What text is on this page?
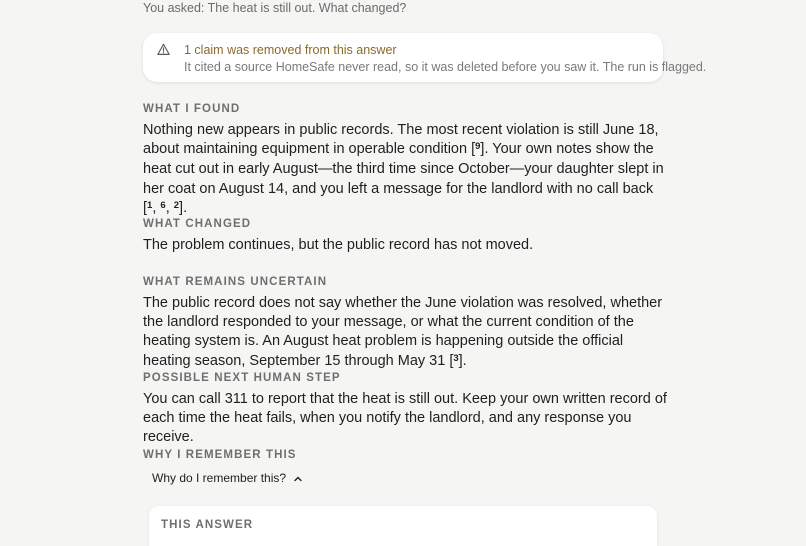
You asked: The heat is still out. What changed?
1 claim was removed from this answer
It cited a source HomeSafe never read, so it was deleted before you saw it. The run is flagged.
WHAT I FOUND
Nothing new appears in public records. The most recent violation is still June 18, about maintaining equipment in operable condition [$^9$]. Your own notes show the heat cut out in early August—the third time since October—your daughter slept in her coat on August 14, and you left a message for the landlord with no call back [$^1$, $^6$, $^2$].
WHAT CHANGED
The problem continues, but the public record has not moved.
WHAT REMAINS UNCERTAIN
The public record does not say whether the June violation was resolved, whether the landlord responded to your message, or what the current condition of the heating system is. An August heat problem is happening outside the official heating season, September 15 through May 31 [$^3$].
POSSIBLE NEXT HUMAN STEP
You can call 311 to report that the heat is still out. Keep your own written record of each time the heat fails, when you notify the landlord, and any response you receive.
WHY I REMEMBER THIS
Why do I remember this?
THIS ANSWER
